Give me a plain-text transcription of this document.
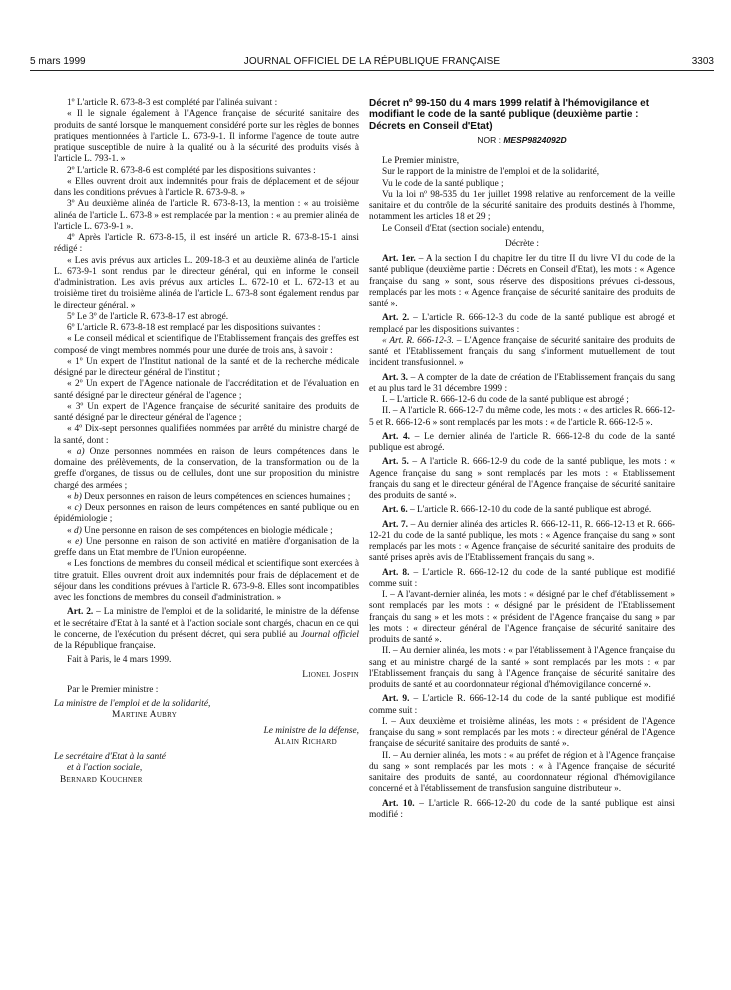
5 mars 1999	JOURNAL OFFICIEL DE LA RÉPUBLIQUE FRANÇAISE	3303

1º L'article R. 673-8-3 est complété par l'alinéa suivant :

« Il le signale également à l'Agence française de sécurité sanitaire des produits de santé lorsque le manquement considéré porte sur les règles de bonnes pratiques mentionnées à l'article L. 673-9-1. Il informe l'agence de toute autre pratique susceptible de nuire à la qualité ou à la sécurité des produits visés à l'article L. 793-1. »

2º L'article R. 673-8-6 est complété par les dispositions suivantes :

« Elles ouvrent droit aux indemnités pour frais de déplacement et de séjour dans les conditions prévues à l'article R. 673-9-8. »

3º Au deuxième alinéa de l'article R. 673-8-13, la mention : « au troisième alinéa de l'article L. 673-8 » est remplacée par la mention : « au premier alinéa de l'article L. 673-9-1 ».

4º Après l'article R. 673-8-15, il est inséré un article R. 673-8-15-1 ainsi rédigé :

« Les avis prévus aux articles L. 209-18-3 et au deuxième alinéa de l'article L. 673-9-1 sont rendus par le directeur général, qui en informe le conseil d'administration. Les avis prévus aux articles L. 672-10 et L. 672-13 et au troisième tiret du troisième alinéa de l'article L. 673-8 sont également rendus par le directeur général. »

5º Le 3º de l'article R. 673-8-17 est abrogé.

6º L'article R. 673-8-18 est remplacé par les dispositions suivantes :

« Le conseil médical et scientifique de l'Etablissement français des greffes est composé de vingt membres nommés pour une durée de trois ans, à savoir :

« 1º Un expert de l'Institut national de la santé et de la recherche médicale désigné par le directeur général de l'institut ;

« 2º Un expert de l'Agence nationale de l'accréditation et de l'évaluation en santé désigné par le directeur général de l'agence ;

« 3º Un expert de l'Agence française de sécurité sanitaire des produits de santé désigné par le directeur général de l'agence ;

« 4º Dix-sept personnes qualifiées nommées par arrêté du ministre chargé de la santé, dont :

« a) Onze personnes nommées en raison de leurs compétences dans le domaine des prélèvements, de la conservation, de la transformation ou de la greffe d'organes, de tissus ou de cellules, dont une sur proposition du ministre chargé des armées ;

« b) Deux personnes en raison de leurs compétences en sciences humaines ;

« c) Deux personnes en raison de leurs compétences en santé publique ou en épidémiologie ;

« d) Une personne en raison de ses compétences en biologie médicale ;

« e) Une personne en raison de son activité en matière d'organisation de la greffe dans un Etat membre de l'Union européenne.

« Les fonctions de membres du conseil médical et scientifique sont exercées à titre gratuit. Elles ouvrent droit aux indemnités pour frais de déplacement et de séjour dans les conditions prévues à l'article R. 673-9-8. Elles sont incompatibles avec les fonctions de membres du conseil d'administration. »

Art. 2. – La ministre de l'emploi et de la solidarité, le ministre de la défense et le secrétaire d'Etat à la santé et à l'action sociale sont chargés, chacun en ce qui le concerne, de l'exécution du présent décret, qui sera publié au Journal officiel de la République française.

Fait à Paris, le 4 mars 1999.

Lionel Jospin

Par le Premier ministre :

La ministre de l'emploi et de la solidarité,

Martine Aubry

Le ministre de la défense,

Alain Richard

Le secrétaire d'Etat à la santé

et à l'action sociale,

Bernard Kouchner

Décret nº 99-150 du 4 mars 1999 relatif à l'hémovigilance et modifiant le code de la santé publique (deuxième partie : Décrets en Conseil d'Etat)

NOR : MESP9824092D

Le Premier ministre,

Sur le rapport de la ministre de l'emploi et de la solidarité,

Vu le code de la santé publique ;

Vu la loi nº 98-535 du 1er juillet 1998 relative au renforcement de la veille sanitaire et du contrôle de la sécurité sanitaire des produits destinés à l'homme, notamment les articles 18 et 29 ;

Le Conseil d'Etat (section sociale) entendu,

Décrète :

Art. 1er. – A la section I du chapitre Ier du titre II du livre VI du code de la santé publique (deuxième partie : Décrets en Conseil d'Etat), les mots : « Agence française du sang » sont, sous réserve des dispositions prévues ci-dessous, remplacés par les mots : « Agence française de sécurité sanitaire des produits de santé ».

Art. 2. – L'article R. 666-12-3 du code de la santé publique est abrogé et remplacé par les dispositions suivantes :

« Art. R. 666-12-3. – L'Agence française de sécurité sanitaire des produits de santé et l'Etablissement français du sang s'informent mutuellement de tout incident transfusionnel. »

Art. 3. – A compter de la date de création de l'Etablissement français du sang et au plus tard le 31 décembre 1999 :

I. – L'article R. 666-12-6 du code de la santé publique est abrogé ;

II. – A l'article R. 666-12-7 du même code, les mots : « des articles R. 666-12-5 et R. 666-12-6 » sont remplacés par les mots : « de l'article R. 666-12-5 ».

Art. 4. – Le dernier alinéa de l'article R. 666-12-8 du code de la santé publique est abrogé.

Art. 5. – A l'article R. 666-12-9 du code de la santé publique, les mots : « Agence française du sang » sont remplacés par les mots : « Etablissement français du sang et le directeur général de l'Agence française de sécurité sanitaire des produits de santé ».

Art. 6. – L'article R. 666-12-10 du code de la santé publique est abrogé.

Art. 7. – Au dernier alinéa des articles R. 666-12-11, R. 666-12-13 et R. 666-12-21 du code de la santé publique, les mots : « Agence française du sang » sont remplacés par les mots : « Agence française de sécurité sanitaire des produits de santé prises après avis de l'Etablissement français du sang ».

Art. 8. – L'article R. 666-12-12 du code de la santé publique est modifié comme suit :

I. – A l'avant-dernier alinéa, les mots : « désigné par le chef d'établissement » sont remplacés par les mots : « désigné par le président de l'Etablissement français du sang » et les mots : « président de l'Agence française du sang » par les mots : « directeur général de l'Agence française de sécurité sanitaire des produits de santé ».

II. – Au dernier alinéa, les mots : « par l'établissement à l'Agence française du sang et au ministre chargé de la santé » sont remplacés par les mots : « par l'Etablissement français du sang à l'Agence française de sécurité sanitaire des produits de santé et au coordonnateur régional d'hémovigilance concerné ».

Art. 9. – L'article R. 666-12-14 du code de la santé publique est modifié comme suit :

I. – Aux deuxième et troisième alinéas, les mots : « président de l'Agence française du sang » sont remplacés par les mots : « directeur général de l'Agence française de sécurité sanitaire des produits de santé ».

II. – Au dernier alinéa, les mots : « au préfet de région et à l'Agence française du sang » sont remplacés par les mots : « à l'Agence française de sécurité sanitaire des produits de santé, au coordonnateur régional d'hémovigilance concerné et à l'établissement de transfusion sanguine distributeur ».

Art. 10. – L'article R. 666-12-20 du code de la santé publique est ainsi modifié :
